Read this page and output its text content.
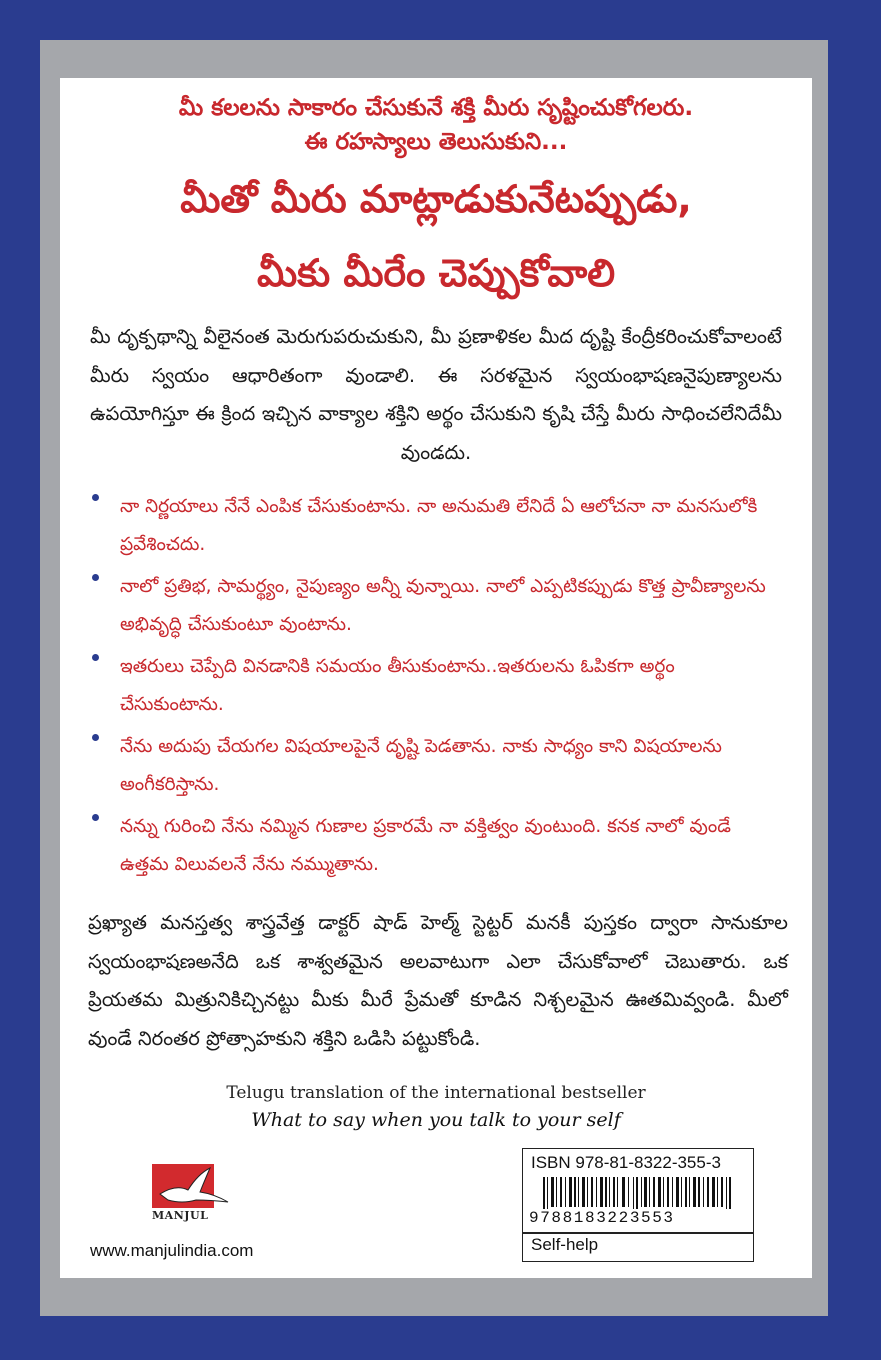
మీ కలలను సాకారం చేసుకునే శక్తి మీరు సృష్టించుకోగలరు.
ఈ రహస్యాలు తెలుసుకుని...
మీతో మీరు మాట్లాడుకునేటప్పుడు,
మీకు మీరేం చెప్పుకోవాలి
మీ దృక్పథాన్ని వీలైనంత మెరుగుపరుచుకుని, మీ ప్రణాళికల మీద దృష్టి కేంద్రీకరించుకోవాలంటే మీరు స్వయం ఆధారితంగా వుండాలి. ఈ సరళమైన స్వయంభాషణనైపుణ్యాలను ఉపయోగిస్తూ ఈ క్రింద ఇచ్చిన వాక్యాల శక్తిని అర్థం చేసుకుని కృషి చేస్తే మీరు సాధించలేనిదేమీ వుండదు.
నా నిర్ణయాలు నేనే ఎంపిక చేసుకుంటాను. నా అనుమతి లేనిదే ఏ ఆలోచనా నా మనసులోకి ప్రవేశించదు.
నాలో ప్రతిభ, సామర్థ్యం, నైపుణ్యం అన్నీ వున్నాయి. నాలో ఎప్పటికప్పుడు కొత్త ప్రావీణ్యాలను అభివృద్ధి చేసుకుంటూ వుంటాను.
ఇతరులు చెప్పేది వినడానికి సమయం తీసుకుంటాను..ఇతరులను ఓపికగా అర్థం చేసుకుంటాను.
నేను అదుపు చేయగల విషయాలపైనే దృష్టి పెడతాను. నాకు సాధ్యం కాని విషయాలను అంగీకరిస్తాను.
నన్ను గురించి నేను నమ్మిన గుణాల ప్రకారమే నా వక్తిత్వం వుంటుంది. కనక నాలో వుండే ఉత్తమ విలువలనే నేను నమ్ముతాను.
ప్రఖ్యాత మనస్తత్వ శాస్త్రవేత్త డాక్టర్ షాడ్ హెల్మ్ స్టెట్టర్ మనకీ పుస్తకం ద్వారా సానుకూల స్వయంభాషణఅనేది ఒక శాశ్వతమైన అలవాటుగా ఎలా చేసుకోవాలో చెబుతారు. ఒక ప్రియతమ మిత్రునికిచ్చినట్టు మీకు మీరే ప్రేమతో కూడిన నిశ్చలమైన ఊతమివ్వండి. మీలో వుండే నిరంతర ప్రోత్సాహకుని శక్తిని ఒడిసి పట్టుకోండి.
Telugu translation of the international bestseller
What to say when you talk to your self
MANJUL
www.manjulindia.com
ISBN 978-81-8322-355-3
9788183223553
Self-help
